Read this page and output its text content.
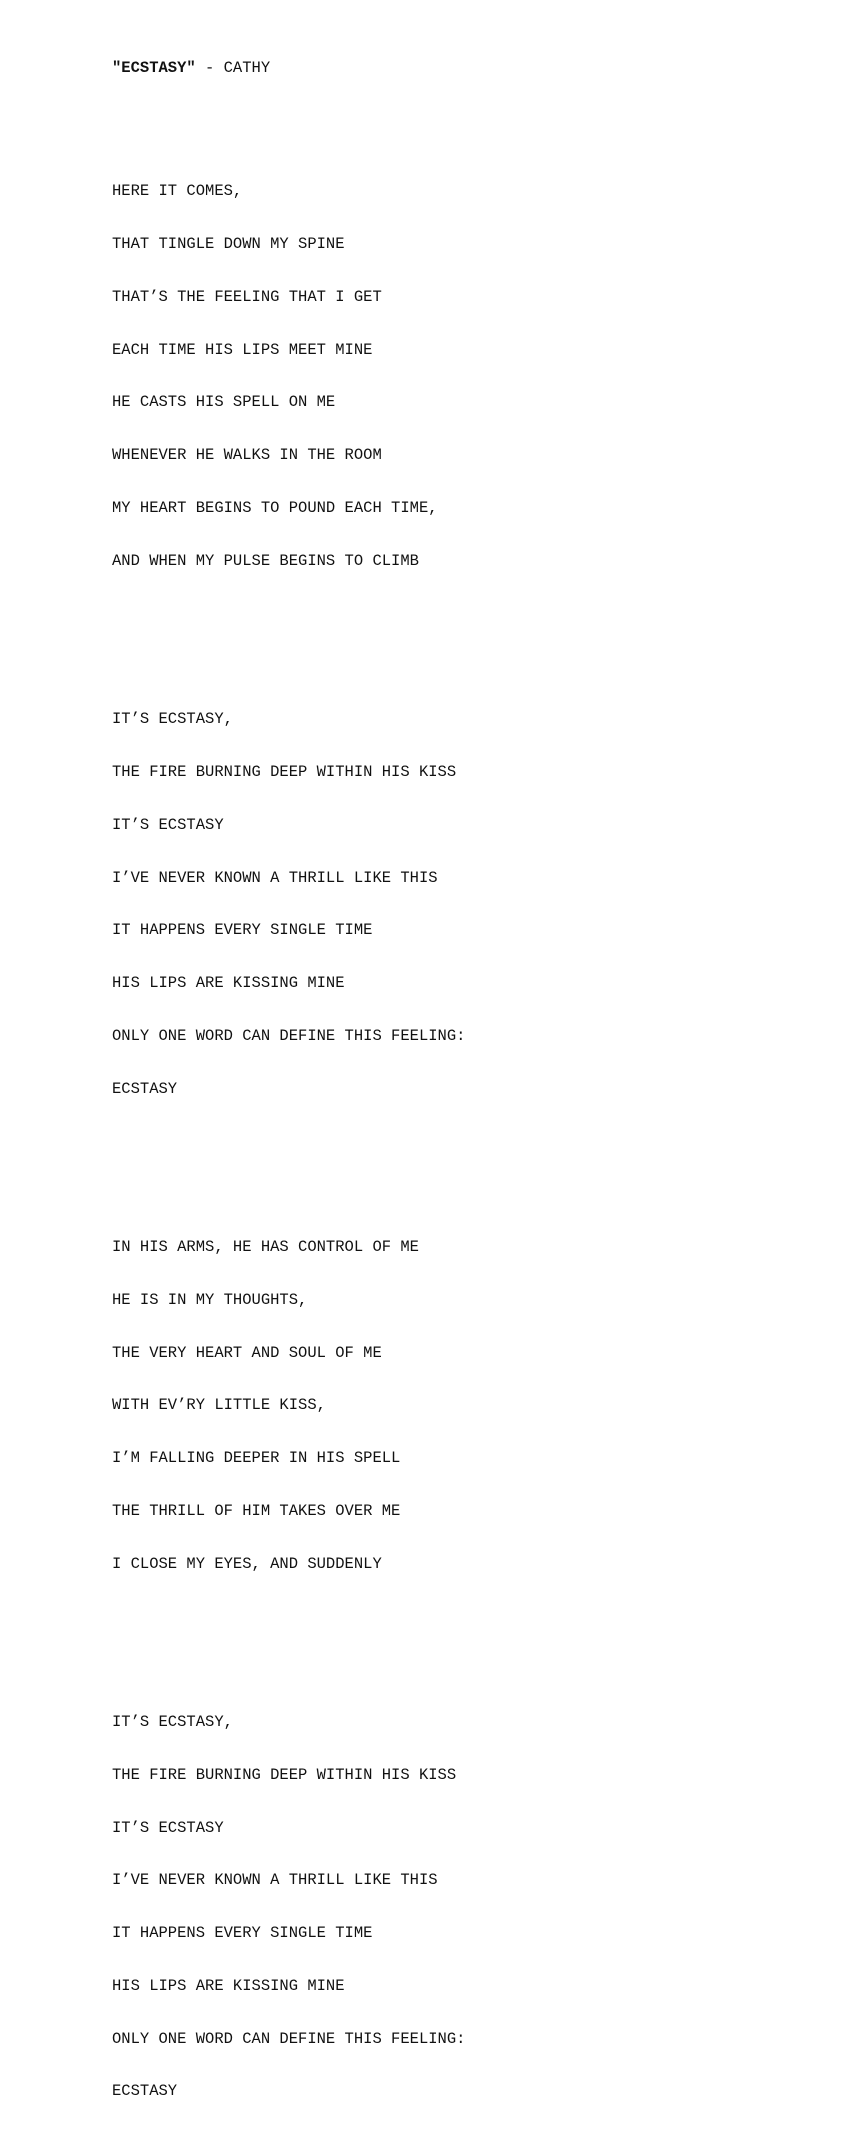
"ECSTASY" - CATHY

HERE IT COMES,

THAT TINGLE DOWN MY SPINE

THAT’S THE FEELING THAT I GET

EACH TIME HIS LIPS MEET MINE

HE CASTS HIS SPELL ON ME

WHENEVER HE WALKS IN THE ROOM

MY HEART BEGINS TO POUND EACH TIME,

AND WHEN MY PULSE BEGINS TO CLIMB

IT’S ECSTASY,

THE FIRE BURNING DEEP WITHIN HIS KISS

IT’S ECSTASY

I’VE NEVER KNOWN A THRILL LIKE THIS

IT HAPPENS EVERY SINGLE TIME

HIS LIPS ARE KISSING MINE

ONLY ONE WORD CAN DEFINE THIS FEELING:

ECSTASY

IN HIS ARMS, HE HAS CONTROL OF ME

HE IS IN MY THOUGHTS,

THE VERY HEART AND SOUL OF ME

WITH EV’RY LITTLE KISS,

I’M FALLING DEEPER IN HIS SPELL

THE THRILL OF HIM TAKES OVER ME

I CLOSE MY EYES, AND SUDDENLY

IT’S ECSTASY,

THE FIRE BURNING DEEP WITHIN HIS KISS

IT’S ECSTASY

I’VE NEVER KNOWN A THRILL LIKE THIS

IT HAPPENS EVERY SINGLE TIME

HIS LIPS ARE KISSING MINE

ONLY ONE WORD CAN DEFINE THIS FEELING:

ECSTASY
